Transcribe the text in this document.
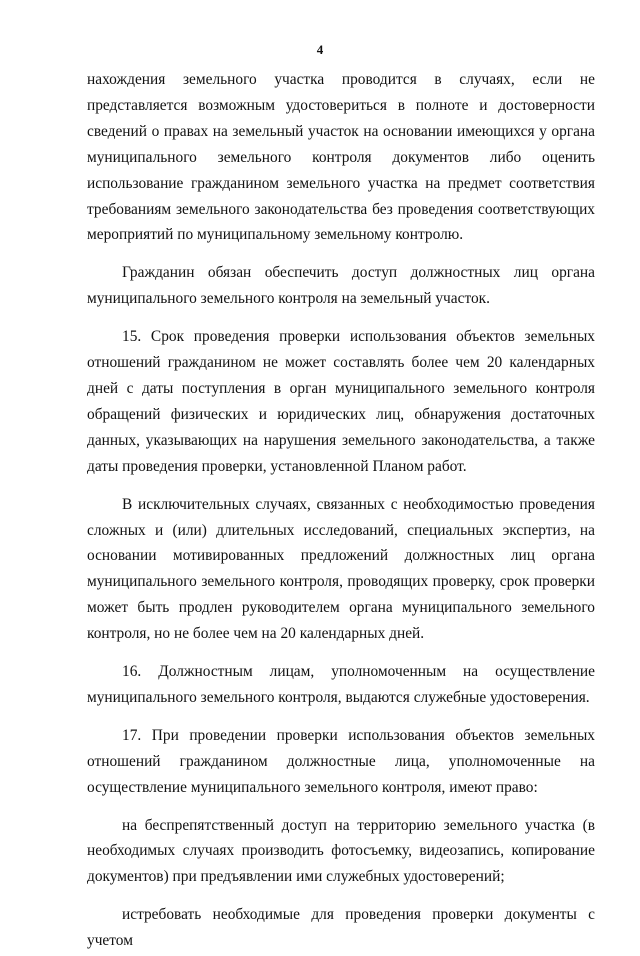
4

нахождения земельного участка проводится в случаях, если не представляется возможным удостовериться в полноте и достоверности сведений о правах на земельный участок на основании имеющихся у органа муниципального земельного контроля документов либо оценить использование гражданином земельного участка на предмет соответствия требованиям земельного законодательства без проведения соответствующих мероприятий по муниципальному земельному контролю.

Гражданин обязан обеспечить доступ должностных лиц органа муниципального земельного контроля на земельный участок.

15. Срок проведения проверки использования объектов земельных отношений гражданином не может составлять более чем 20 календарных дней с даты поступления в орган муниципального земельного контроля обращений физических и юридических лиц, обнаружения достаточных данных, указывающих на нарушения земельного законодательства, а также даты проведения проверки, установленной Планом работ.

В исключительных случаях, связанных с необходимостью проведения сложных и (или) длительных исследований, специальных экспертиз, на основании мотивированных предложений должностных лиц органа муниципального земельного контроля, проводящих проверку, срок проверки может быть продлен руководителем органа муниципального земельного контроля, но не более чем на 20 календарных дней.

16. Должностным лицам, уполномоченным на осуществление муниципального земельного контроля, выдаются служебные удостоверения.

17. При проведении проверки использования объектов земельных отношений гражданином должностные лица, уполномоченные на осуществление муниципального земельного контроля, имеют право:

на беспрепятственный доступ на территорию земельного участка (в необходимых случаях производить фотосъемку, видеозапись, копирование документов) при предъявлении ими служебных удостоверений;

истребовать необходимые для проведения проверки документы с учетом
